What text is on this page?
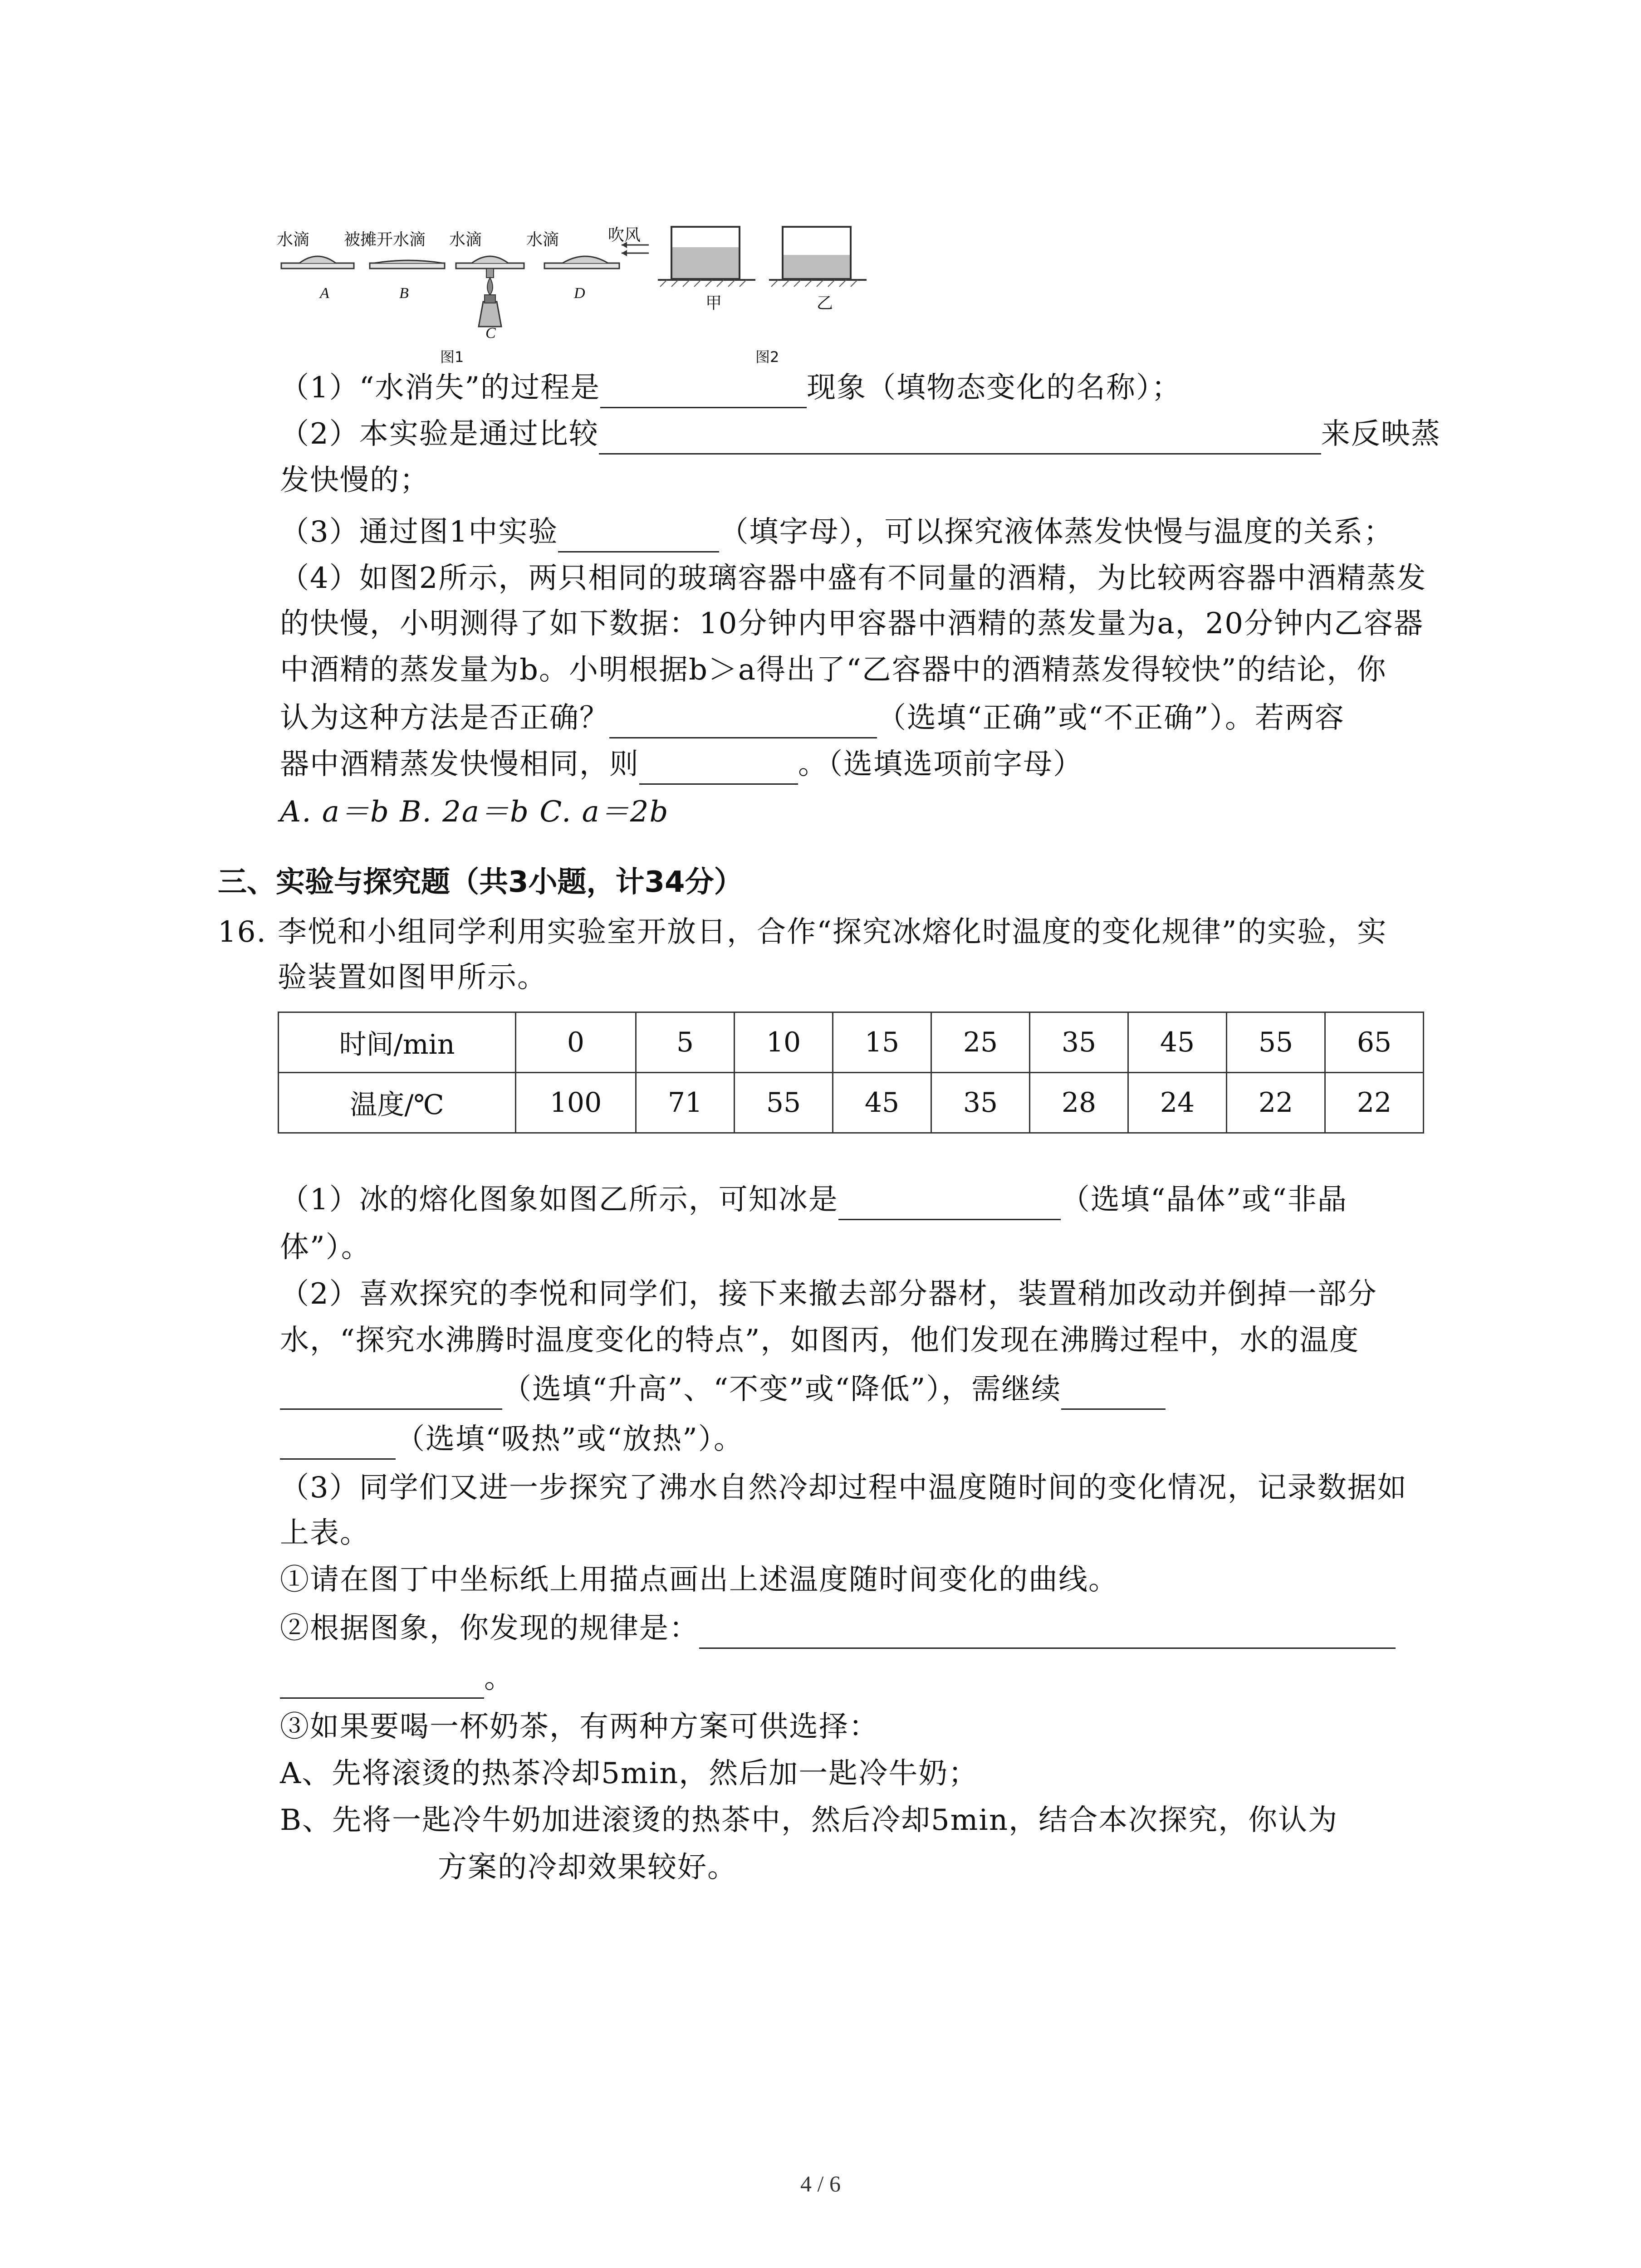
水滴 被摊开水滴 水滴	水滴	吹风
A	B
C
D
甲	乙
图1	图2
（1）“水消失”的过程是	现象（填物态变化的名称）；
（2）本实验是通过比较	来反映蒸
发快慢的；
（3）通过图1中实验	（填字母），可以探究液体蒸发快慢与温度的关系；
（4）如图2所示，两只相同的玻璃容器中盛有不同量的酒精，为比较两容器中酒精蒸发
的快慢，小明测得了如下数据：10分钟内甲容器中酒精的蒸发量为a，20分钟内乙容器
中酒精的蒸发量为b。小明根据b＞a得出了“乙容器中的酒精蒸发得较快”的结论，你
认为这种方法是否正确？	（选填“正确”或“不正确”）。若两容
器中酒精蒸发快慢相同，则	。（选填选项前字母）
A. a＝b B. 2a＝b C. a＝2b
三、实验与探究题（共3小题，计34分）
16. 李悦和小组同学利用实验室开放日，合作“探究冰熔化时温度的变化规律”的实验，实
验装置如图甲所示。
时间/min	0	5	10	15	25	35	45	55	65
温度/℃	100	71	55	45	35	28	24	22	22
（1）冰的熔化图象如图乙所示，可知冰是	（选填“晶体”或“非晶
体”）。
（2）喜欢探究的李悦和同学们，接下来撤去部分器材，装置稍加改动并倒掉一部分
水，“探究水沸腾时温度变化的特点”，如图丙，他们发现在沸腾过程中，水的温度
（选填“升高”、“不变”或“降低”），需继续
（选填“吸热”或“放热”）。
（3）同学们又进一步探究了沸水自然冷却过程中温度随时间的变化情况，记录数据如
上表。
①请在图丁中坐标纸上用描点画出上述温度随时间变化的曲线。
②根据图象，你发现的规律是：
。
③如果要喝一杯奶茶，有两种方案可供选择：
A、先将滚烫的热茶冷却5min，然后加一匙冷牛奶；
B、先将一匙冷牛奶加进滚烫的热茶中，然后冷却5min，结合本次探究，你认为
方案的冷却效果较好。
4 / 6
